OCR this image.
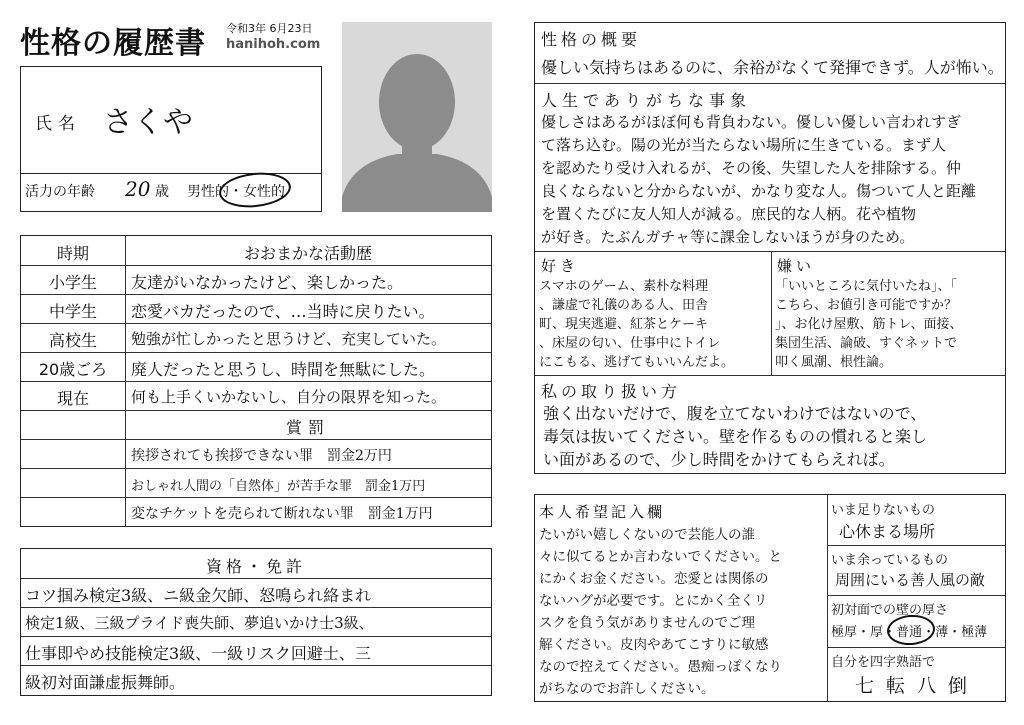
性格の履歴書 令和3年 6月23日
hanihoh.com
氏名 さくや
活力の年齢 20 歳 男性的 ・ 女性的
時期	おおまかな活動歴
小学生	友達がいなかったけど、楽しかった。
中学生	恋愛バカだったので、…当時に戻りたい。
高校生	勉強が忙しかったと思うけど、充実していた。
20歳ごろ	廃人だったと思うし、時間を無駄にした。
現在	何も上手くいかないし、自分の限界を知った。
賞罰
挨拶されても挨拶できない罪　罰金2万円
おしゃれ人間の「自然体」が苦手な罪　罰金1万円
変なチケットを売られて断れない罪　罰金1万円
資格・免許
コツ掴み検定3級、ニ級金欠師、怒鳴られ絡まれ
検定1級、三級プライド喪失師、夢追いかけ士3級、
仕事即やめ技能検定3級、一級リスク回避士、三
級初対面謙虚振舞師。
性格の概要
優しい気持ちはあるのに、余裕がなくて発揮できず。人が怖い。
人生でありがちな事象
優しさはあるがほぼ何も背負わない。優しい優しい言われすぎ
て落ち込む。陽の光が当たらない場所に生きている。まず人
を認めたり受け入れるが、その後、失望した人を排除する。仲
良くならないと分からないが、かなり変な人。傷ついて人と距離
を置くたびに友人知人が減る。庶民的な人柄。花や植物
が好き。たぶんガチャ等に課金しないほうが身のため。
好き
スマホのゲーム、素朴な料理
、謙虚で礼儀のある人、田舎
町、現実逃避、紅茶とケーキ
、床屋の匂い、仕事中にトイレ
にこもる、逃げてもいいんだよ。
嫌い
「いいところに気付いたね」、「
こちら、お値引き可能ですか？
」、お化け屋敷、筋トレ、面接、
集団生活、論破、すぐネットで
叩く風潮、根性論。
私の取り扱い方
強く出ないだけで、腹を立てないわけではないので、
毒気は抜いてください。壁を作るものの慣れると楽し
い面があるので、少し時間をかけてもらえれば。
本人希望記入欄
たいがい嬉しくないので芸能人の誰
々に似てるとか言わないでください。と
にかくお金ください。恋愛とは関係の
ないハグが必要です。とにかく全くリ
スクを負う気がありませんのでご理
解ください。皮肉やあてこすりに敏感
なので控えてください。愚痴っぽくなり
がちなのでお許しください。
いま足りないもの
心休まる場所
いま余っているもの
周囲にいる善人風の敵
初対面での壁の厚さ
極厚・厚・普通・薄・極薄
自分を四字熟語で
七転八倒
